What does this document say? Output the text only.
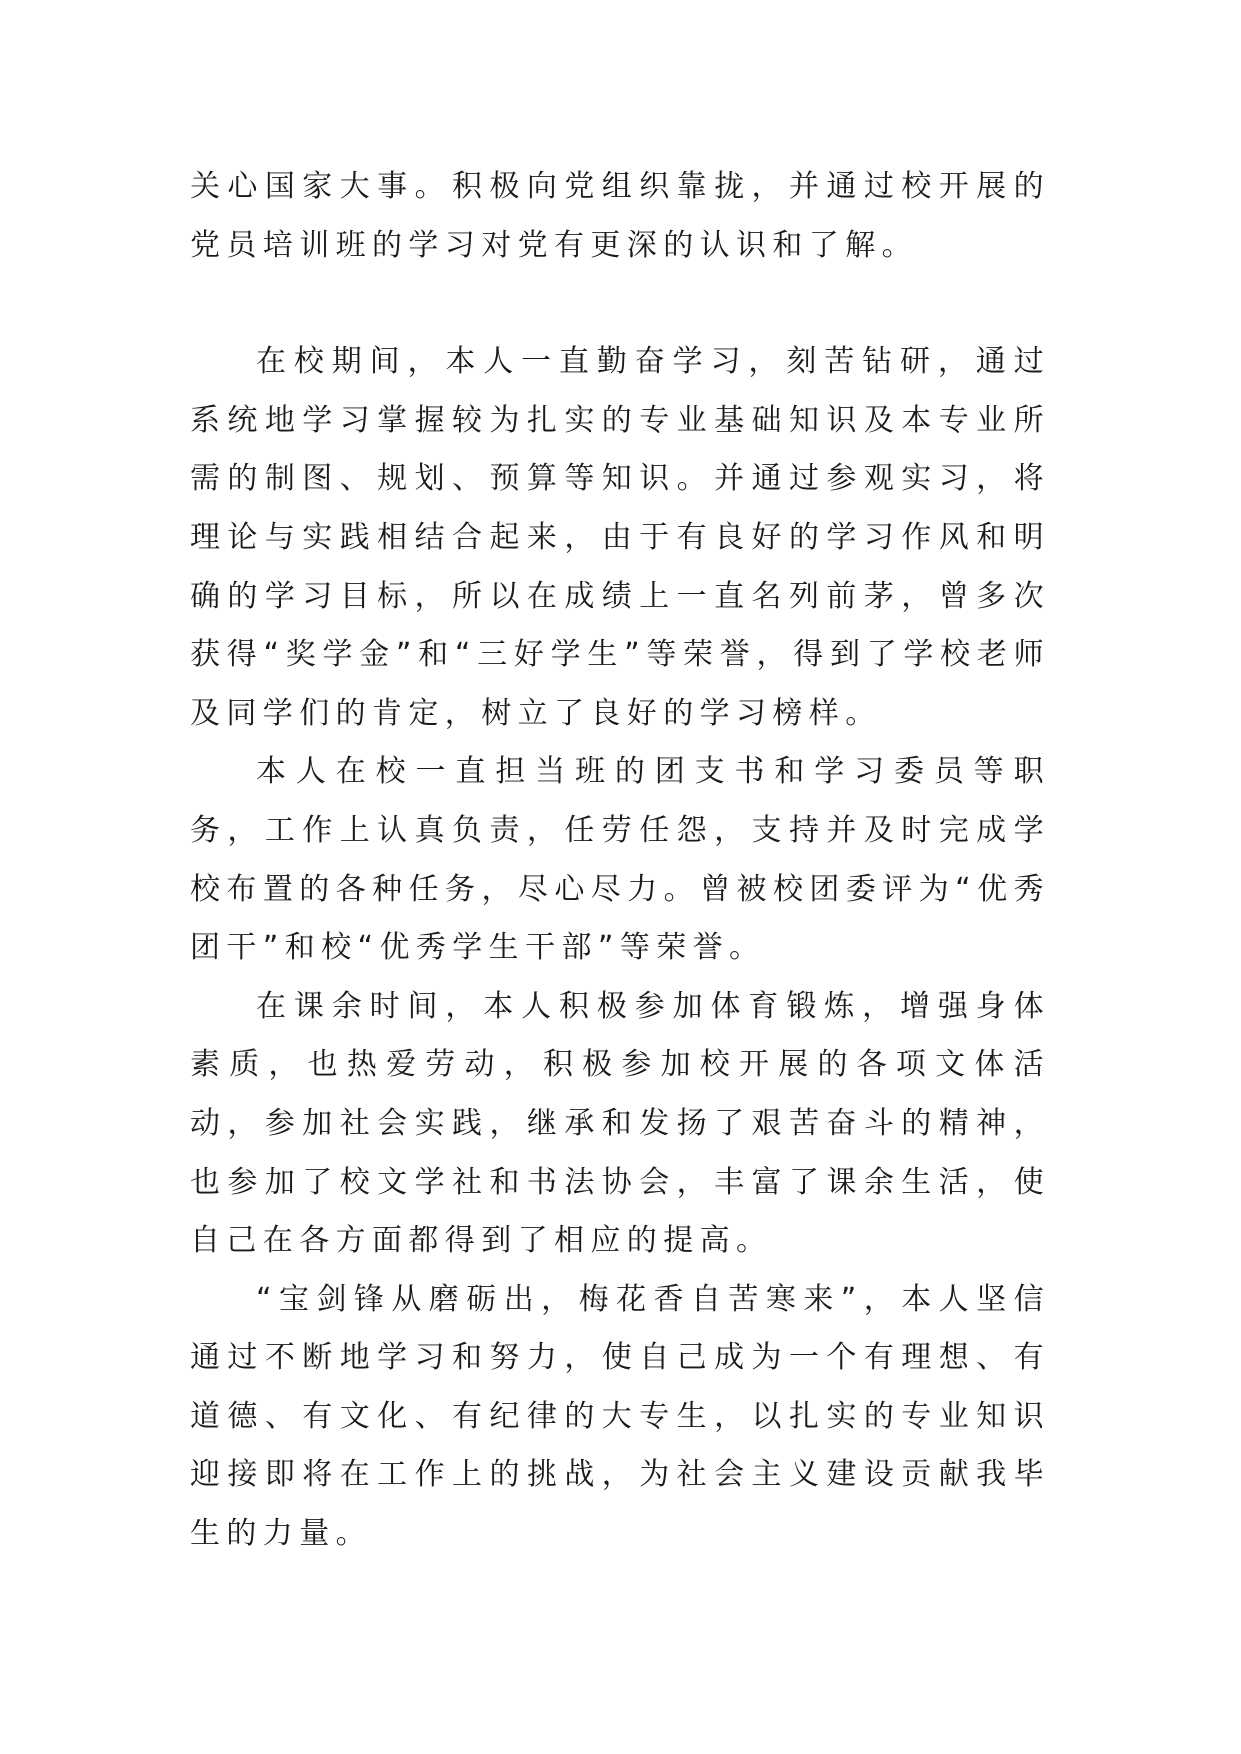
关心国家大事。积极向党组织靠拢，并通过校开展的党员培训班的学习对党有更深的认识和了解。

在校期间，本人一直勤奋学习，刻苦钻研，通过系统地学习掌握较为扎实的专业基础知识及本专业所需的制图、规划、预算等知识。并通过参观实习，将理论与实践相结合起来，由于有良好的学习作风和明确的学习目标，所以在成绩上一直名列前茅，曾多次获得“奖学金”和“三好学生”等荣誉，得到了学校老师及同学们的肯定，树立了良好的学习榜样。

本人在校一直担当班的团支书和学习委员等职务，工作上认真负责，任劳任怨，支持并及时完成学校布置的各种任务，尽心尽力。曾被校团委评为“优秀团干”和校“优秀学生干部”等荣誉。

在课余时间，本人积极参加体育锻炼，增强身体素质，也热爱劳动，积极参加校开展的各项文体活动，参加社会实践，继承和发扬了艰苦奋斗的精神，也参加了校文学社和书法协会，丰富了课余生活，使自己在各方面都得到了相应的提高。

“宝剑锋从磨砺出，梅花香自苦寒来”，本人坚信通过不断地学习和努力，使自己成为一个有理想、有道德、有文化、有纪律的大专生，以扎实的专业知识迎接即将在工作上的挑战，为社会主义建设贡献我毕生的力量。
